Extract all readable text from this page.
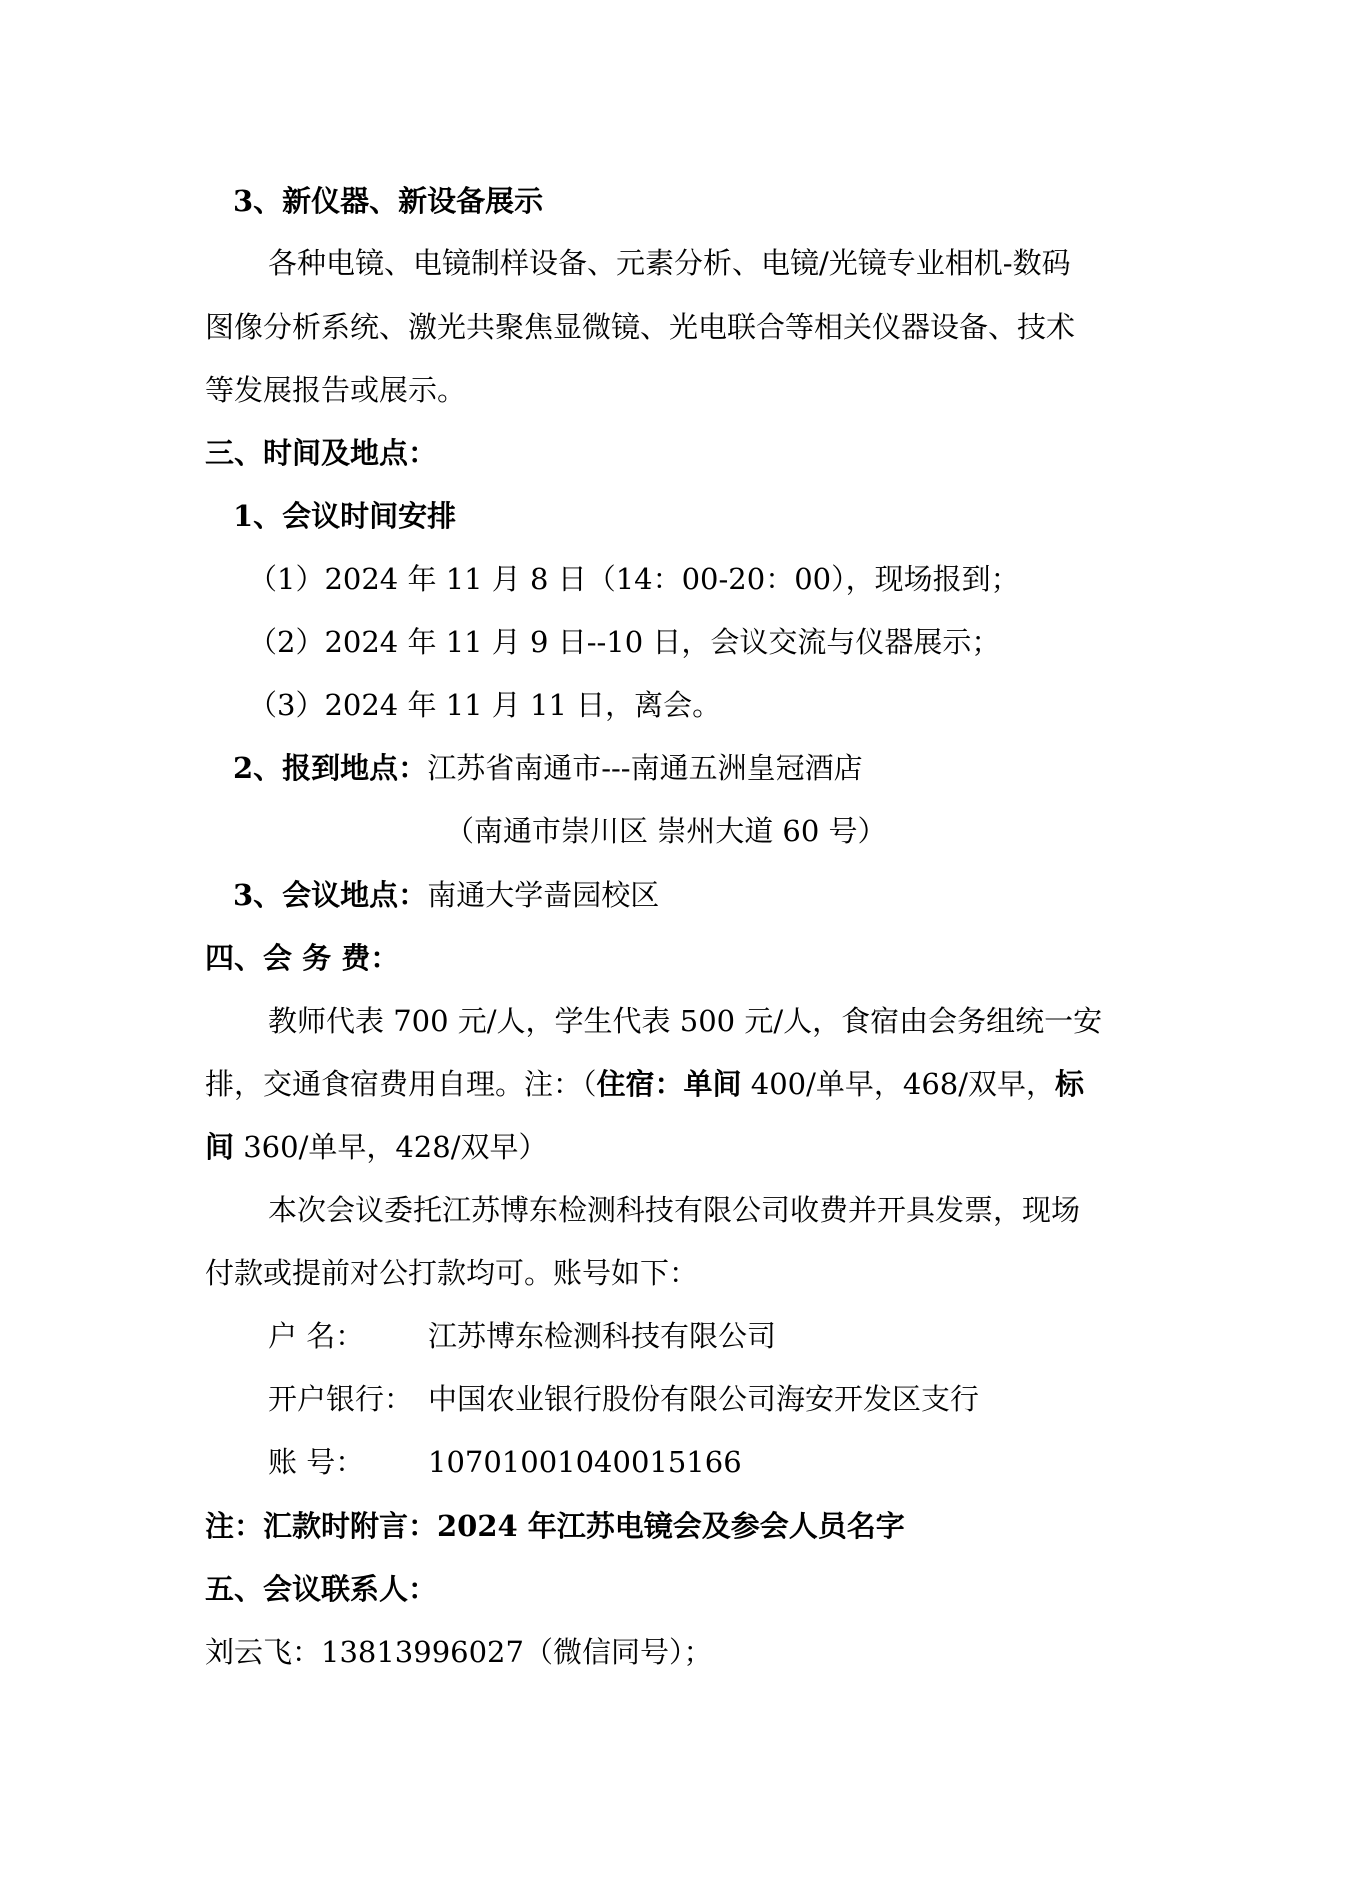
3、新仪器、新设备展示
各种电镜、电镜制样设备、元素分析、电镜/光镜专业相机-数码
图像分析系统、激光共聚焦显微镜、光电联合等相关仪器设备、技术
等发展报告或展示。
三、时间及地点：
1、会议时间安排
（1）2024 年 11 月 8 日（14：00-20：00），现场报到；
（2）2024 年 11 月 9 日--10 日，会议交流与仪器展示；
（3）2024 年 11 月 11 日，离会。
2、报到地点：江苏省南通市---南通五洲皇冠酒店
（南通市崇川区 崇州大道 60 号）
3、会议地点：南通大学啬园校区
四、会 务 费：
教师代表 700 元/人，学生代表 500 元/人，食宿由会务组统一安
排，交通食宿费用自理。注：（住宿：单间 400/单早，468/双早，标
间 360/单早，428/双早）
本次会议委托江苏博东检测科技有限公司收费并开具发票，现场
付款或提前对公打款均可。账号如下：
户 名： 江苏博东检测科技有限公司
开户银行： 中国农业银行股份有限公司海安开发区支行
账 号： 10701001040015166
注：汇款时附言：2024 年江苏电镜会及参会人员名字
五、会议联系人：
刘云飞：13813996027（微信同号）；
